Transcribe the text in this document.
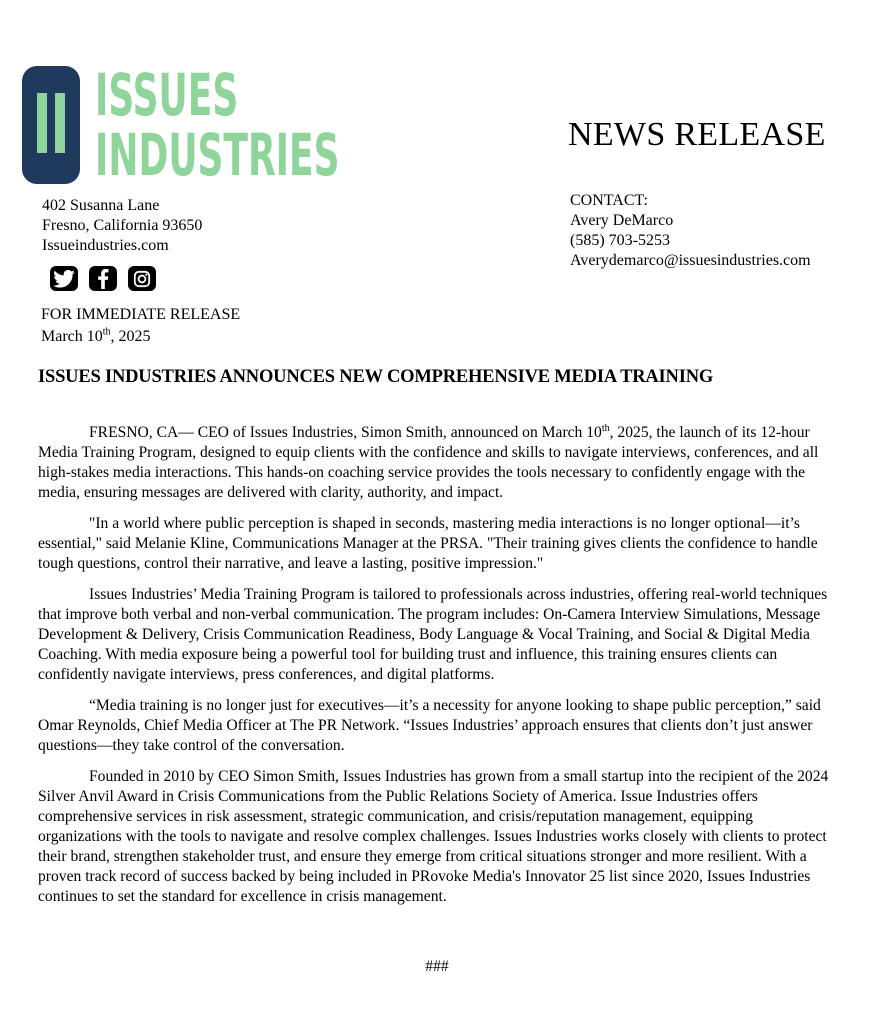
ISSUES
INDUSTRIES
402 Susanna Lane
Fresno, California 93650
Issueindustries.com
FOR IMMEDIATE RELEASE
March 10th, 2025
NEWS RELEASE
CONTACT:
Avery DeMarco
(585) 703-5253
Averydemarco@issuesindustries.com
ISSUES INDUSTRIES ANNOUNCES NEW COMPREHENSIVE MEDIA TRAINING

FRESNO, CA— CEO of Issues Industries, Simon Smith, announced on March 10th, 2025, the launch of its 12-hour Media Training Program, designed to equip clients with the confidence and skills to navigate interviews, conferences, and all high-stakes media interactions. This hands-on coaching service provides the tools necessary to confidently engage with the media, ensuring messages are delivered with clarity, authority, and impact.

"In a world where public perception is shaped in seconds, mastering media interactions is no longer optional—it’s essential," said Melanie Kline, Communications Manager at the PRSA. "Their training gives clients the confidence to handle tough questions, control their narrative, and leave a lasting, positive impression."

Issues Industries’ Media Training Program is tailored to professionals across industries, offering real-world techniques that improve both verbal and non-verbal communication. The program includes: On-Camera Interview Simulations, Message Development & Delivery, Crisis Communication Readiness, Body Language & Vocal Training, and Social & Digital Media Coaching. With media exposure being a powerful tool for building trust and influence, this training ensures clients can confidently navigate interviews, press conferences, and digital platforms.

“Media training is no longer just for executives—it’s a necessity for anyone looking to shape public perception,” said Omar Reynolds, Chief Media Officer at The PR Network. “Issues Industries’ approach ensures that clients don’t just answer questions—they take control of the conversation.

Founded in 2010 by CEO Simon Smith, Issues Industries has grown from a small startup into the recipient of the 2024 Silver Anvil Award in Crisis Communications from the Public Relations Society of America. Issue Industries offers comprehensive services in risk assessment, strategic communication, and crisis/reputation management, equipping organizations with the tools to navigate and resolve complex challenges. Issues Industries works closely with clients to protect their brand, strengthen stakeholder trust, and ensure they emerge from critical situations stronger and more resilient. With a proven track record of success backed by being included in PRovoke Media's Innovator 25 list since 2020, Issues Industries continues to set the standard for excellence in crisis management.

###
